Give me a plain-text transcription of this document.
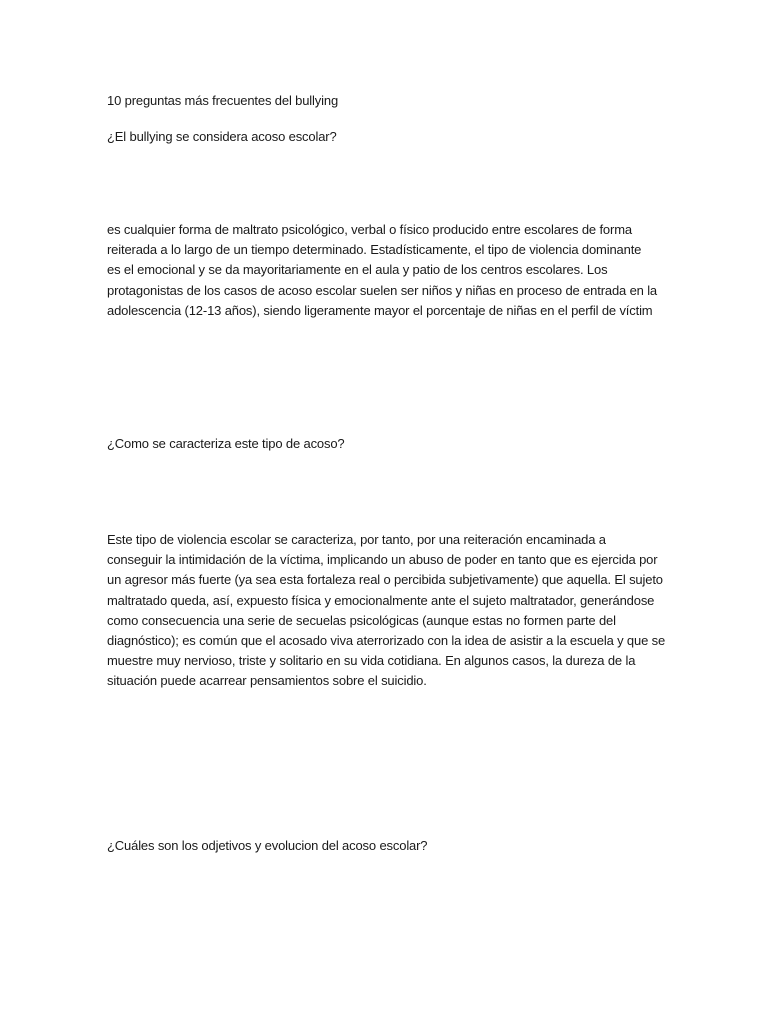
10 preguntas más frecuentes del bullying

¿El bullying se considera acoso escolar?

es cualquier forma de maltrato psicológico, verbal o físico producido entre escolares de forma
reiterada a lo largo de un tiempo determinado. Estadísticamente, el tipo de violencia dominante
es el emocional y se da mayoritariamente en el aula y patio de los centros escolares. Los
protagonistas de los casos de acoso escolar suelen ser niños y niñas en proceso de entrada en la
adolescencia (12-13 años), siendo ligeramente mayor el porcentaje de niñas en el perfil de víctim

¿Como se caracteriza este tipo de acoso?

Este tipo de violencia escolar se caracteriza, por tanto, por una reiteración encaminada a
conseguir la intimidación de la víctima, implicando un abuso de poder en tanto que es ejercida por
un agresor más fuerte (ya sea esta fortaleza real o percibida subjetivamente) que aquella. El sujeto
maltratado queda, así, expuesto física y emocionalmente ante el sujeto maltratador, generándose
como consecuencia una serie de secuelas psicológicas (aunque estas no formen parte del
diagnóstico); es común que el acosado viva aterrorizado con la idea de asistir a la escuela y que se
muestre muy nervioso, triste y solitario en su vida cotidiana. En algunos casos, la dureza de la
situación puede acarrear pensamientos sobre el suicidio.

¿Cuáles son los odjetivos y evolucion del acoso escolar?
